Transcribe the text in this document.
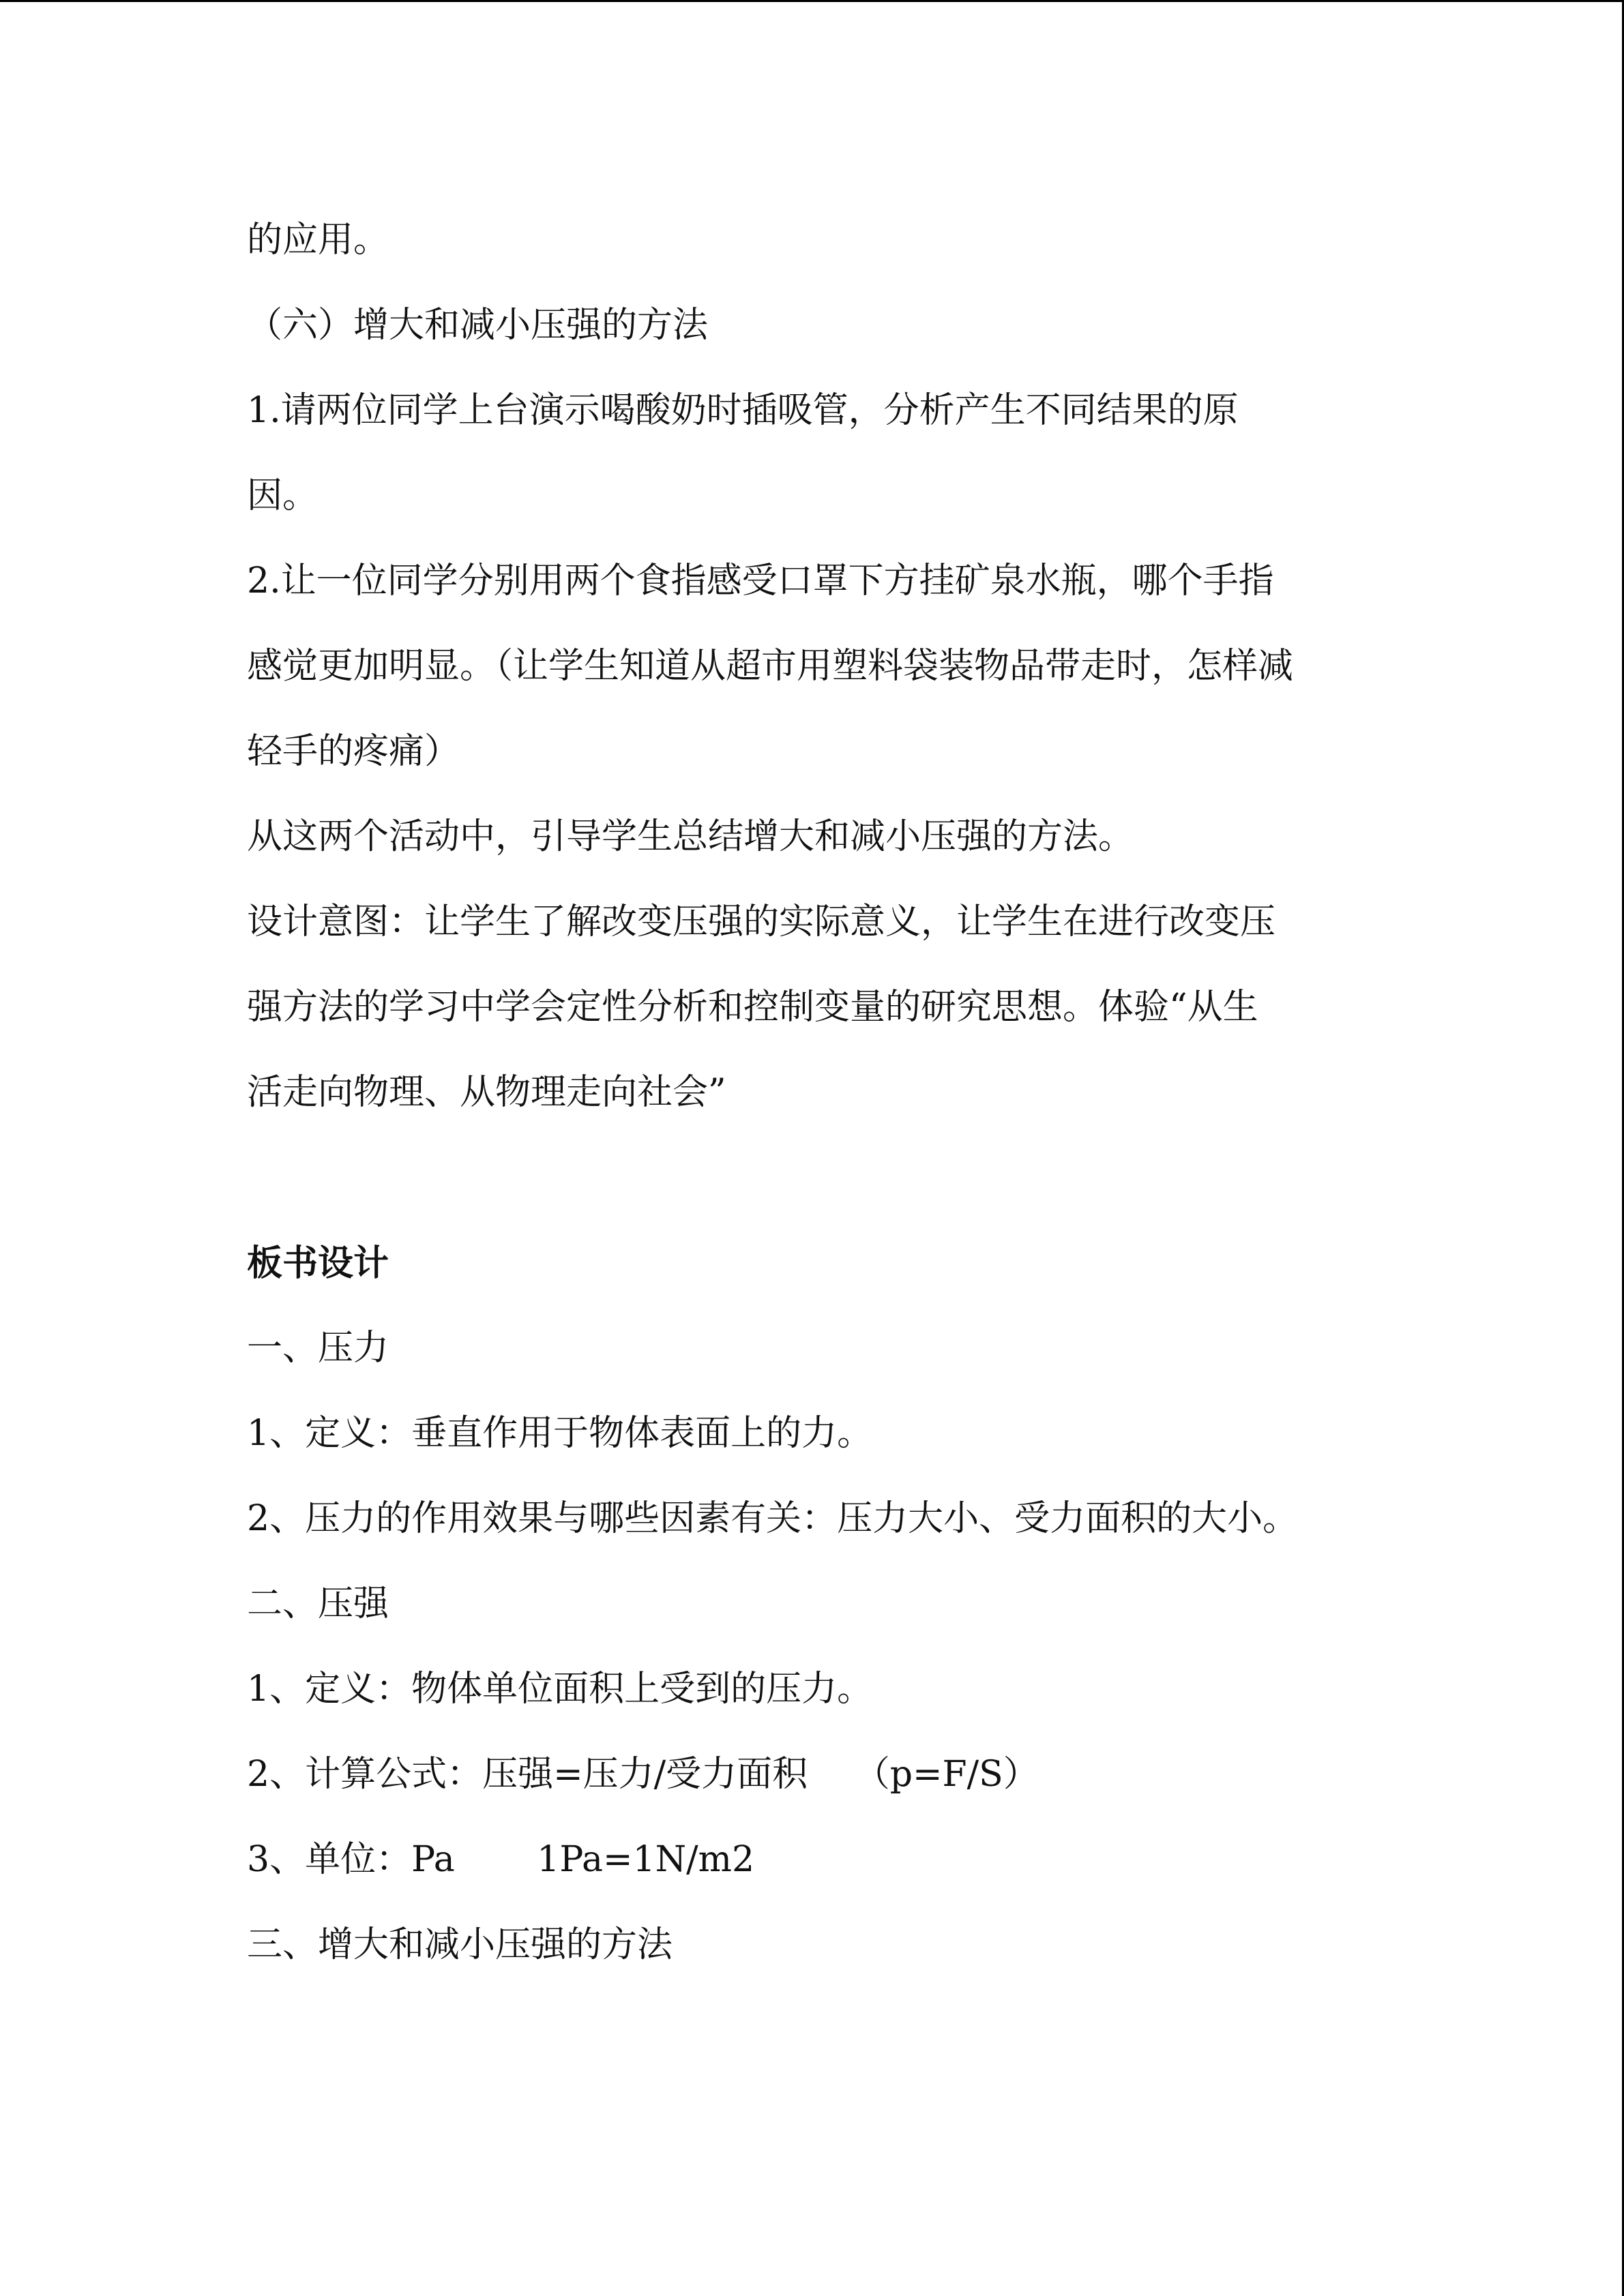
的应用。
（六）增大和减小压强的方法
1.请两位同学上台演示喝酸奶时插吸管，分析产生不同结果的原
因。
2.让一位同学分别用两个食指感受口罩下方挂矿泉水瓶，哪个手指
感觉更加明显。（让学生知道从超市用塑料袋装物品带走时，怎样减
轻手的疼痛）
从这两个活动中，引导学生总结增大和减小压强的方法。
设计意图：让学生了解改变压强的实际意义，让学生在进行改变压
强方法的学习中学会定性分析和控制变量的研究思想。体验“从生
活走向物理、从物理走向社会”
板书设计
一、压力
1、定义：垂直作用于物体表面上的力。
2、压力的作用效果与哪些因素有关：压力大小、受力面积的大小。
二、压强
1、定义：物体单位面积上受到的压力。
2、计算公式：压强=压力/受力面积　 （p=F/S）
3、单位：Pa　　 1Pa=1N/m2
三、增大和减小压强的方法
